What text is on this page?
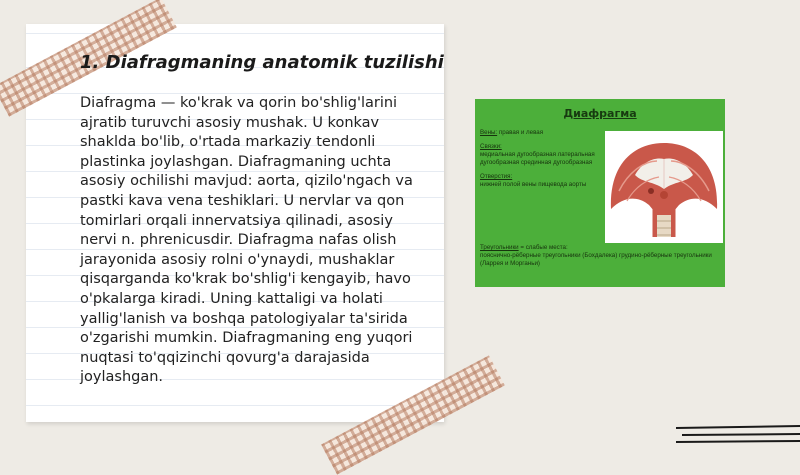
1. Diafragmaning anatomik tuzilishi

Diafragma — ko'krak va qorin bo'shlig'larini ajratib turuvchi asosiy mushak. U konkav shaklda bo'lib, o'rtada markaziy tendonli plastinka joylashgan. Diafragmaning uchta asosiy ochilishi mavjud: aorta, qizilo'ngach va pastki kava vena teshiklari. U nervlar va qon tomirlari orqali innervatsiya qilinadi, asosiy nervi n. phrenicusdir. Diafragma nafas olish jarayonida asosiy rolni o'ynaydi, mushaklar qisqarganda ko'krak bo'shlig'i kengayib, havo o'pkalarga kiradi. Uning kattaligi va holati yallig'lanish va boshqa patologiyalar ta'sirida o'zgarishi mumkin. Diafragmaning eng yuqori nuqtasi to'qqizinchi qovurg'a darajasida joylashgan.

Диафрагма

Вены: правая и левая

Связки:
медиальная дугообразная латеральная дугообразная срединная дугообразная

Отверстия:
нижней полой вены пищевода аорты

Треугольники = слабые места:

пояснично-рёберные треугольники (Бохдалека) грудино-рёберные треугольники (Ларрея и Морганьи)
